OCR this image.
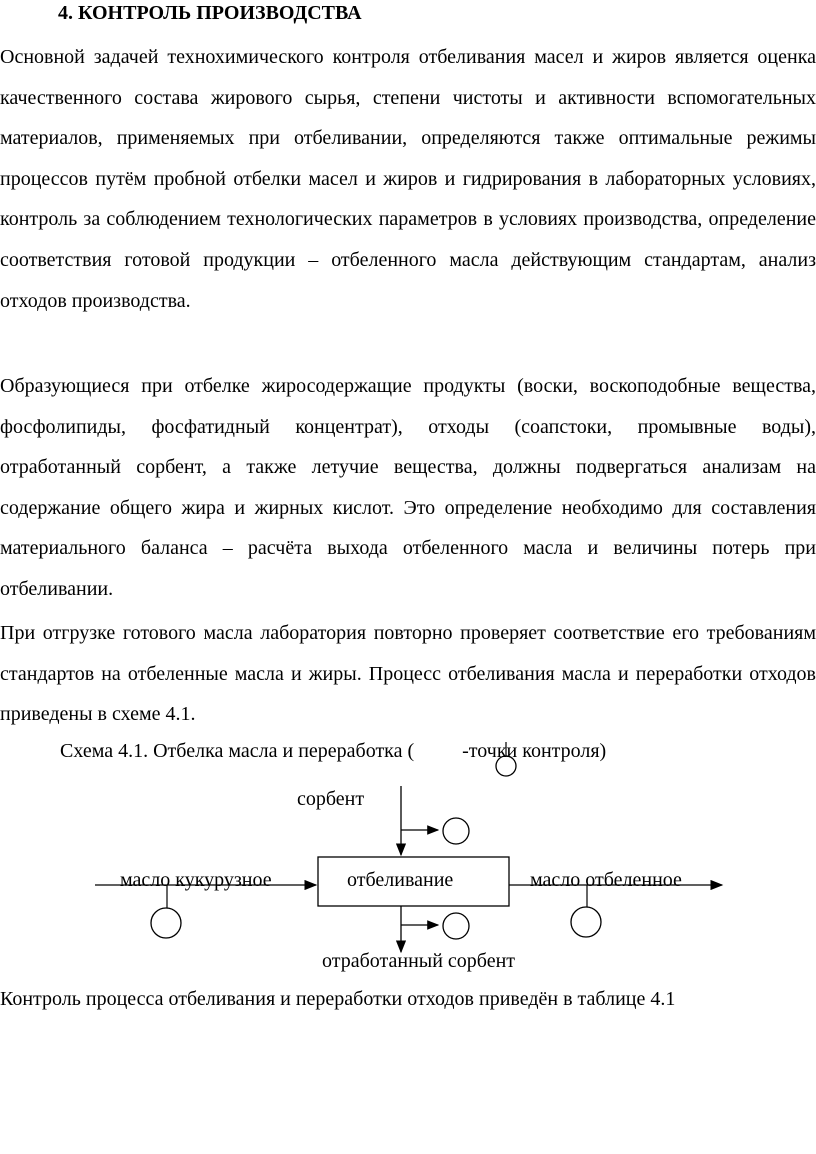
4. КОНТРОЛЬ ПРОИЗВОДСТВА

Основной задачей технохимического контроля отбеливания масел и жиров является оценка качественного состава жирового сырья, степени чистоты и активности вспомогательных материалов, применяемых при отбеливании, определяются также оптимальные режимы процессов путём пробной отбелки масел и жиров и гидрирования в лабораторных условиях, контроль за соблюдением технологических параметров в условиях производства, определение соответствия готовой продукции – отбеленного масла действующим стандартам, анализ отходов производства.

Образующиеся при отбелке жиросодержащие продукты (воски, воскоподобные вещества, фосфолипиды, фосфатидный концентрат), отходы (соапстоки, промывные воды), отработанный сорбент, а также летучие вещества, должны подвергаться анализам на содержание общего жира и жирных кислот. Это определение необходимо для составления материального баланса – расчёта выхода отбеленного масла и величины потерь при отбеливании.

При отгрузке готового масла лаборатория повторно проверяет соответствие его требованиям стандартов на отбеленные масла и жиры. Процесс отбеливания масла и переработки отходов приведены в схеме 4.1.

Схема 4.1. Отбелка масла и переработка ( -точки контроля)
сорбент
масло кукурузное	отбеливание	масло отбеленное
отработанный сорбент
Контроль процесса отбеливания и переработки отходов приведён в таблице 4.1
